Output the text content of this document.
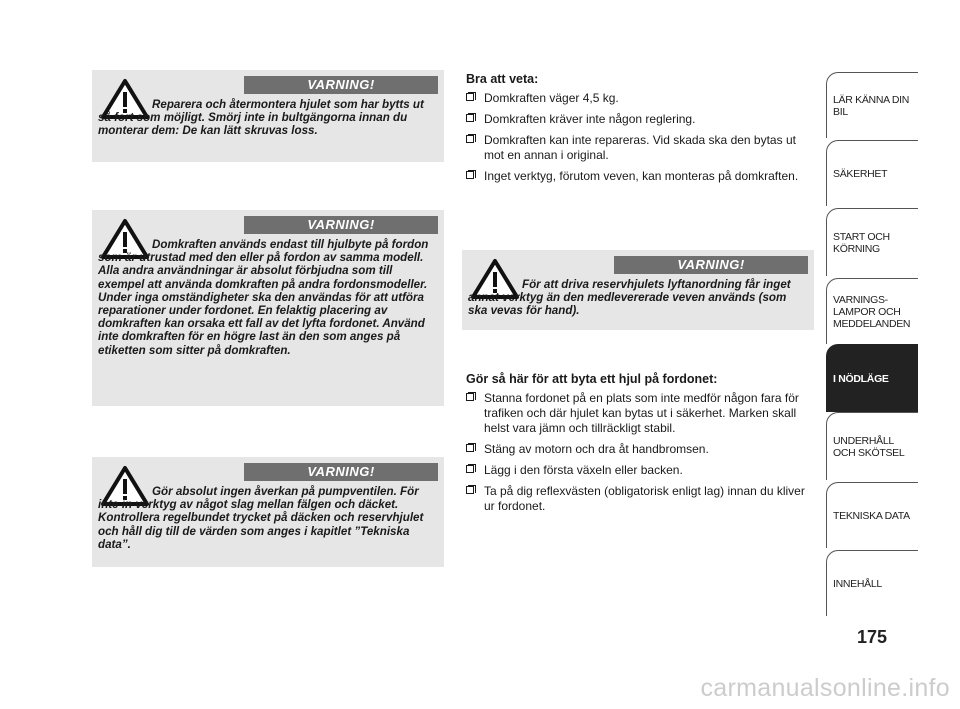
VARNING!
Reparera och återmontera hjulet som har bytts ut så fort som möjligt. Smörj inte in bultgängorna innan du monterar dem: De kan lätt skruvas loss.
VARNING!
Domkraften används endast till hjulbyte på fordon som är utrustad med den eller på fordon av samma modell. Alla andra användningar är absolut förbjudna som till exempel att använda domkraften på andra fordonsmodeller. Under inga omständigheter ska den användas för att utföra reparationer under fordonet. En felaktig placering av domkraften kan orsaka ett fall av det lyfta fordonet. Använd inte domkraften för en högre last än den som anges på etiketten som sitter på domkraften.
VARNING!
Gör absolut ingen åverkan på pumpventilen. För inte in verktyg av något slag mellan fälgen och däcket. Kontrollera regelbundet trycket på däcken och reservhjulet och håll dig till de värden som anges i kapitlet ”Tekniska data”.
Bra att veta:
Domkraften väger 4,5 kg.
Domkraften kräver inte någon reglering.
Domkraften kan inte repareras. Vid skada ska den bytas ut mot en annan i original.
Inget verktyg, förutom veven, kan monteras på domkraften.
VARNING!
För att driva reservhjulets lyftanordning får inget annat verktyg än den medlevererade veven används (som ska vevas för hand).
Gör så här för att byta ett hjul på fordonet:
Stanna fordonet på en plats som inte medför någon fara för trafiken och där hjulet kan bytas ut i säkerhet. Marken skall helst vara jämn och tillräckligt stabil.
Stäng av motorn och dra åt handbromsen.
Lägg i den första växeln eller backen.
Ta på dig reflexvästen (obligatorisk enligt lag) innan du kliver ur fordonet.
LÄR KÄNNA DIN BIL
SÄKERHET
START OCH KÖRNING
VARNINGS- LAMPOR OCH MEDDELANDEN
I NÖDLÄGE
UNDERHÅLL OCH SKÖTSEL
TEKNISKA DATA
INNEHÅLL
175
carmanualsonline.info
